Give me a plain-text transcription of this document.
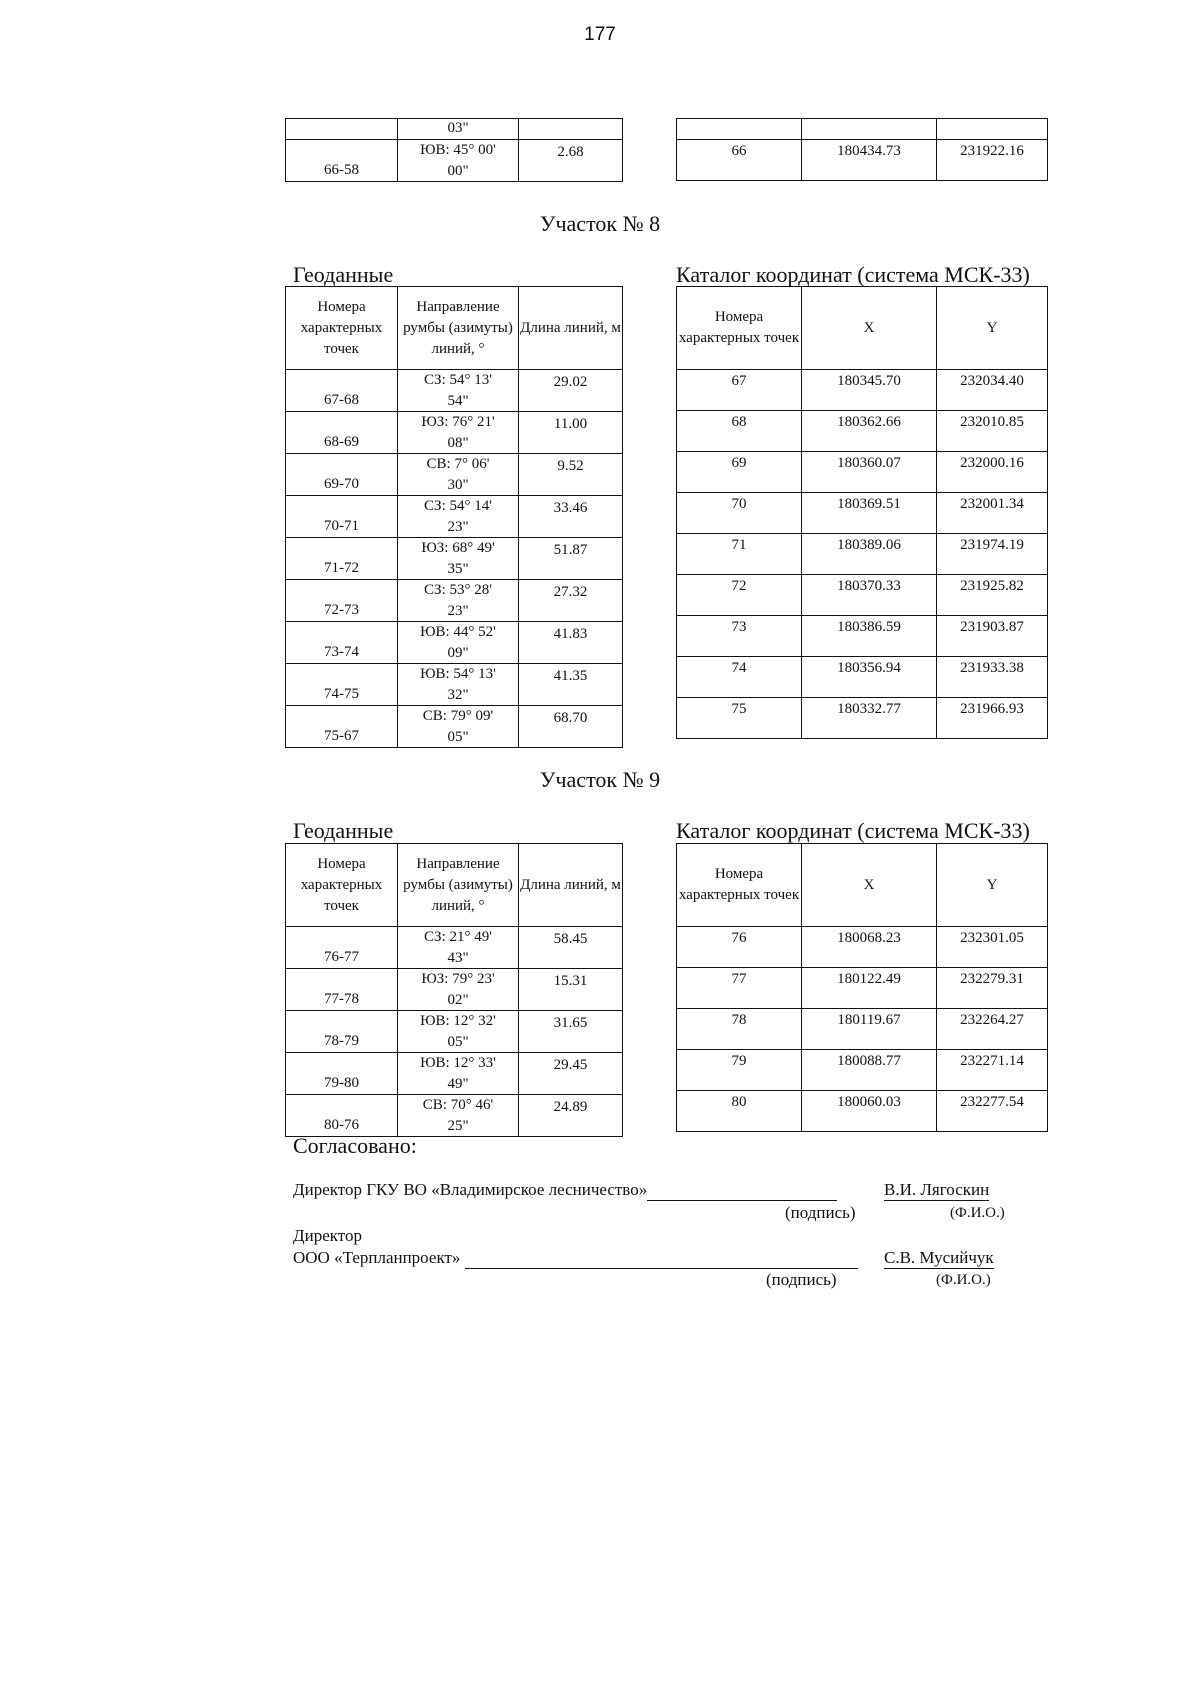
177
	03"	

66-58	ЮВ: 45° 00'
00"	2.68
			66	180434.73	231922.16
Участок № 8
Геоданные	Каталог координат (система МСК-33)
Номера характерных точек	Направление румбы (азимуты) линий, °	Длина линий, м

67-68	СЗ: 54° 13'
54"	29.02

68-69	ЮЗ: 76° 21'
08"	11.00

69-70	СВ: 7° 06'
30"	9.52

70-71	СЗ: 54° 14'
23"	33.46

71-72	ЮЗ: 68° 49'
35"	51.87

72-73	СЗ: 53° 28'
23"	27.32

73-74	ЮВ: 44° 52'
09"	41.83

74-75	ЮВ: 54° 13'
32"	41.35

75-67	СВ: 79° 09'
05"	68.70
Номера характерных точек	X	Y

67	180345.70	232034.40

68	180362.66	232010.85

69	180360.07	232000.16

70	180369.51	232001.34

71	180389.06	231974.19

72	180370.33	231925.82

73	180386.59	231903.87

74	180356.94	231933.38

75	180332.77	231966.93
Участок № 9
Геоданные	Каталог координат (система МСК-33)
Номера характерных точек	Направление румбы (азимуты) линий, °	Длина линий, м

76-77	СЗ: 21° 49'
43"	58.45

77-78	ЮЗ: 79° 23'
02"	15.31

78-79	ЮВ: 12° 32'
05"	31.65

79-80	ЮВ: 12° 33'
49"	29.45

80-76	СВ: 70° 46'
25"	24.89
Номера характерных точек	X	Y

76	180068.23	232301.05

77	180122.49	232279.31

78	180119.67	232264.27

79	180088.77	232271.14

80	180060.03	232277.54
Согласовано:
Директор ГКУ ВО «Владимирское лесничество»	В.И. Лягоскин
(подпись)	(Ф.И.О.)
Директор
ООО «Терпланпроект»	С.В. Мусийчук
(подпись)	(Ф.И.О.)
